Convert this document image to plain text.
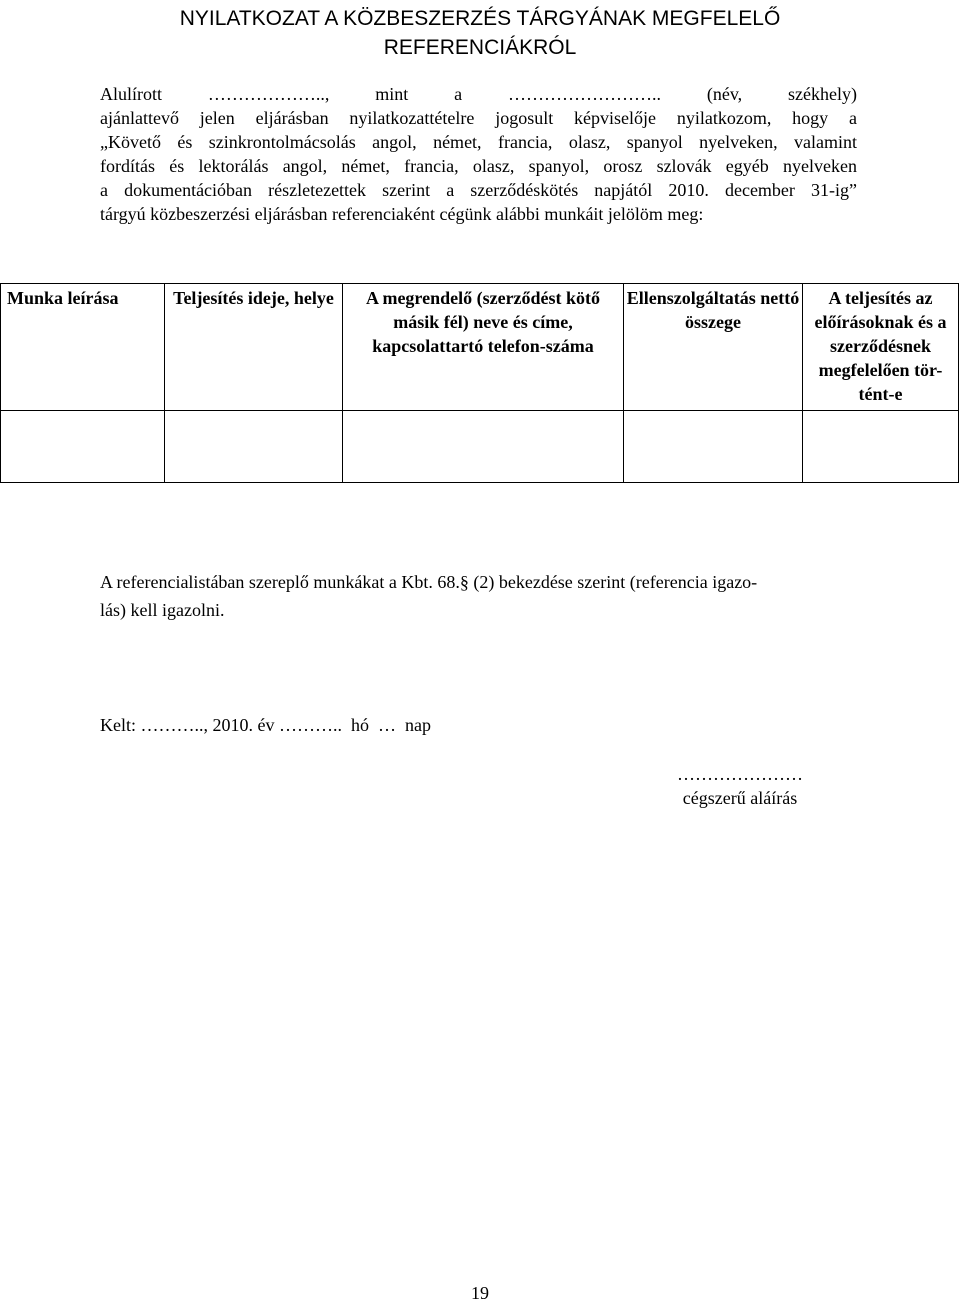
NYILATKOZAT A KÖZBESZERZÉS TÁRGYÁNAK MEGFELELŐ
REFERENCIÁKRÓL
Alulírott ……………….., mint a …………………….. (név, székhely)
ajánlattevő jelen eljárásban nyilatkozattételre jogosult képviselője nyilatkozom, hogy a
„Követő és szinkrontolmácsolás angol, német, francia, olasz, spanyol nyelveken, valamint
fordítás és lektorálás angol, német, francia, olasz, spanyol, orosz szlovák egyéb nyelveken
a dokumentációban részletezettek szerint a szerződéskötés napjától 2010. december 31-ig”
tárgyú közbeszerzési eljárásban referenciaként cégünk alábbi munkáit jelölöm meg:
Munka leírása	Teljesítés ideje, helye	A megrendelő (szerződést kötő másik fél) neve és címe, kapcsolattartó telefon-száma	Ellenszolgáltatás nettó összege	A teljesítés az előírásoknak és a szerződésnek megfelelően tör-tént-e

A referencialistában szereplő munkákat a Kbt. 68.§ (2) bekezdése szerint (referencia igazo-
lás) kell igazolni.
Kelt: ……….., 2010. év ………..  hó  …  nap
…………………
cégszerű aláírás
19
